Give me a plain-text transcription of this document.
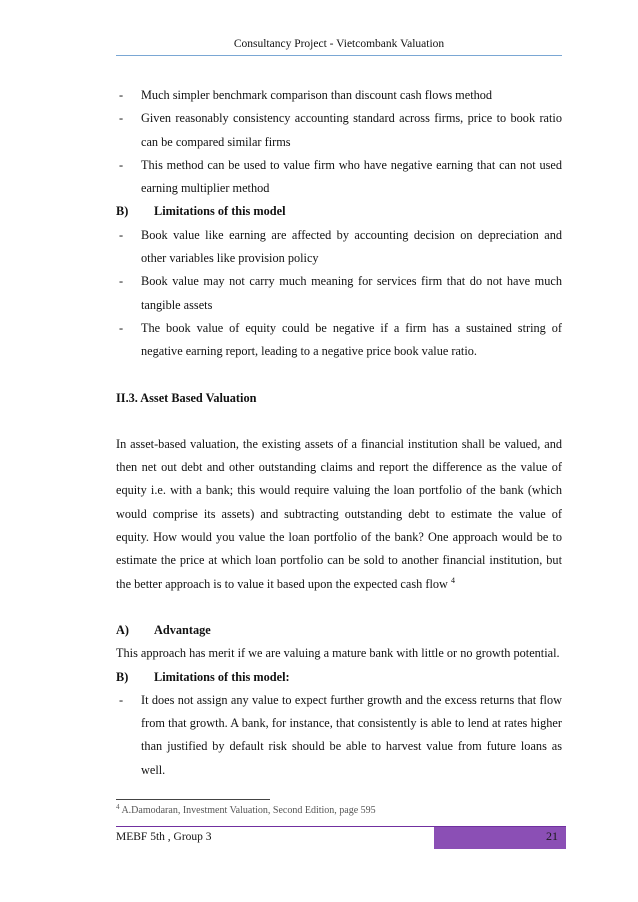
Consultancy Project - Vietcombank Valuation
-	Much simpler benchmark comparison than discount cash flows method
-	Given reasonably consistency accounting standard across firms, price to book ratio can be compared similar firms
-	This method can be used to value firm who have negative earning that can not used earning multiplier method
B)	Limitations of this model
-	Book value like earning are affected by accounting decision on depreciation and other variables like provision policy
-	Book value may not carry much meaning for services firm that do not have much tangible assets
-	The book value of equity could be negative if a firm has a sustained string of negative earning report, leading to a negative price book value ratio.
II.3. Asset Based Valuation
In asset-based valuation, the existing assets of a financial institution shall be valued, and then net out debt and other outstanding claims and report the difference as the value of equity i.e. with a bank; this would require valuing the loan portfolio of the bank (which would comprise its assets) and subtracting outstanding debt to estimate the value of equity. How would you value the loan portfolio of the bank? One approach would be to estimate the price at which loan portfolio can be sold to another financial institution, but the better approach is to value it based upon the expected cash flow $^4$
A)	Advantage
This approach has merit if we are valuing a mature bank with little or no growth potential.
B)	Limitations of this model:
-	It does not assign any value to expect further growth and the excess returns that flow from that growth. A bank, for instance, that consistently is able to lend at rates higher than justified by default risk should be able to harvest value from future loans as well.
$^4$ A.Damodaran, Investment Valuation, Second Edition, page 595
MEBF 5th , Group 3	21
